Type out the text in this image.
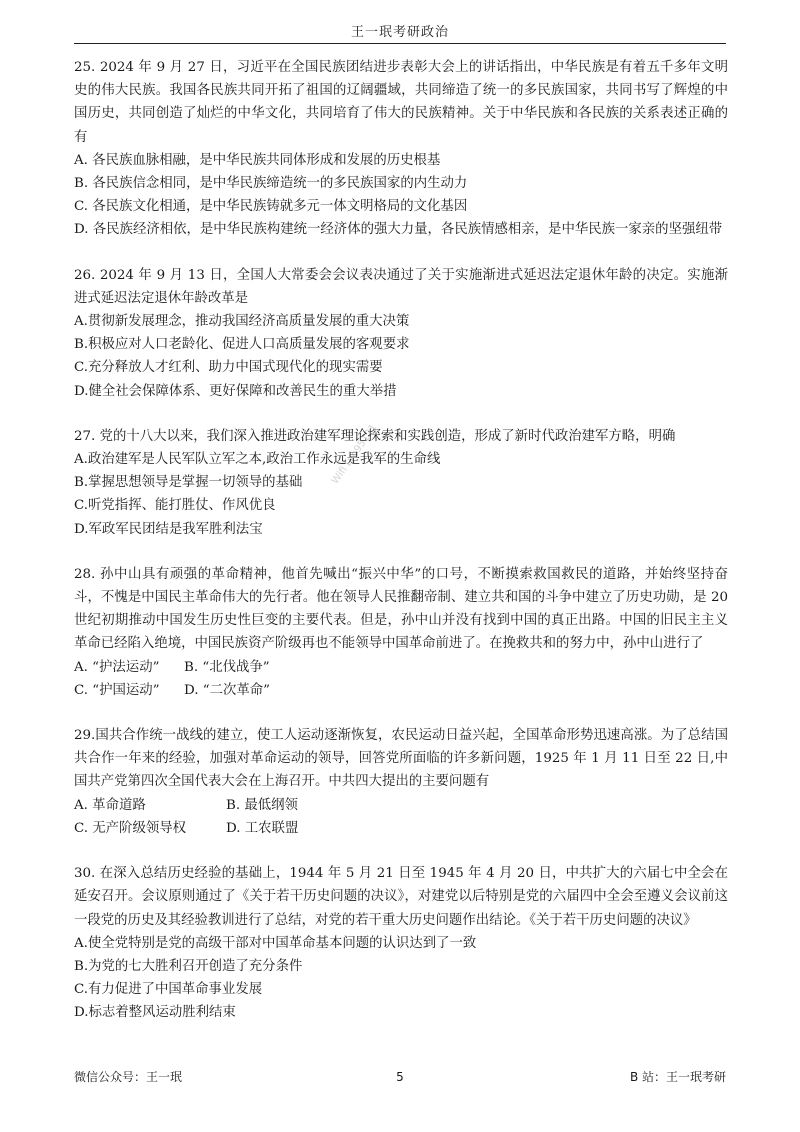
王一珉考研政治
Wifi Lyo95121

25. 2024 年 9 月 27 日，习近平在全国民族团结进步表彰大会上的讲话指出，中华民族是有着五千多年文明史的伟大民族。我国各民族共同开拓了祖国的辽阔疆域，共同缔造了统一的多民族国家，共同书写了辉煌的中国历史，共同创造了灿烂的中华文化，共同培育了伟大的民族精神。关于中华民族和各民族的关系表述正确的有

A. 各民族血脉相融，是中华民族共同体形成和发展的历史根基

B. 各民族信念相同，是中华民族缔造统一的多民族国家的内生动力

C. 各民族文化相通，是中华民族铸就多元一体文明格局的文化基因

D. 各民族经济相依，是中华民族构建统一经济体的强大力量，各民族情感相亲，是中华民族一家亲的坚强纽带

26. 2024 年 9 月 13 日，全国人大常委会会议表决通过了关于实施渐进式延迟法定退休年龄的决定。实施渐进式延迟法定退休年龄改革是

A.贯彻新发展理念，推动我国经济高质量发展的重大决策

B.积极应对人口老龄化、促进人口高质量发展的客观要求

C.充分释放人才红利、助力中国式现代化的现实需要

D.健全社会保障体系、更好保障和改善民生的重大举措

27. 党的十八大以来，我们深入推进政治建军理论探索和实践创造，形成了新时代政治建军方略，明确

A.政治建军是人民军队立军之本,政治工作永远是我军的生命线

B.掌握思想领导是掌握一切领导的基础

C.听党指挥、能打胜仗、作风优良

D.军政军民团结是我军胜利法宝

28. 孙中山具有顽强的革命精神，他首先喊出“振兴中华”的口号，不断摸索救国救民的道路，并始终坚持奋斗，不愧是中国民主革命伟大的先行者。他在领导人民推翻帝制、建立共和国的斗争中建立了历史功勋，是 20 世纪初期推动中国发生历史性巨变的主要代表。但是，孙中山并没有找到中国的真正出路。中国的旧民主主义革命已经陷入绝境，中国民族资产阶级再也不能领导中国革命前进了。在挽救共和的努力中，孙中山进行了

A. “护法运动”	B. “北伐战争”
C. “护国运动”	D. “二次革命”

29.国共合作统一战线的建立，使工人运动逐渐恢复，农民运动日益兴起，全国革命形势迅速高涨。为了总结国共合作一年来的经验，加强对革命运动的领导，回答党所面临的许多新问题，1925 年 1 月 11 日至 22 日,中国共产党第四次全国代表大会在上海召开。中共四大提出的主要问题有

A. 革命道路	B. 最低纲领
C. 无产阶级领导权	D. 工农联盟

30. 在深入总结历史经验的基础上，1944 年 5 月 21 日至 1945 年 4 月 20 日，中共扩大的六届七中全会在延安召开。会议原则通过了《关于若干历史问题的决议》，对建党以后特别是党的六届四中全会至遵义会议前这一段党的历史及其经验教训进行了总结，对党的若干重大历史问题作出结论。《关于若干历史问题的决议》

A.使全党特别是党的高级干部对中国革命基本问题的认识达到了一致

B.为党的七大胜利召开创造了充分条件

C.有力促进了中国革命事业发展

D.标志着整风运动胜利结束

微信公众号：王一珉	5	B 站：王一珉考研
